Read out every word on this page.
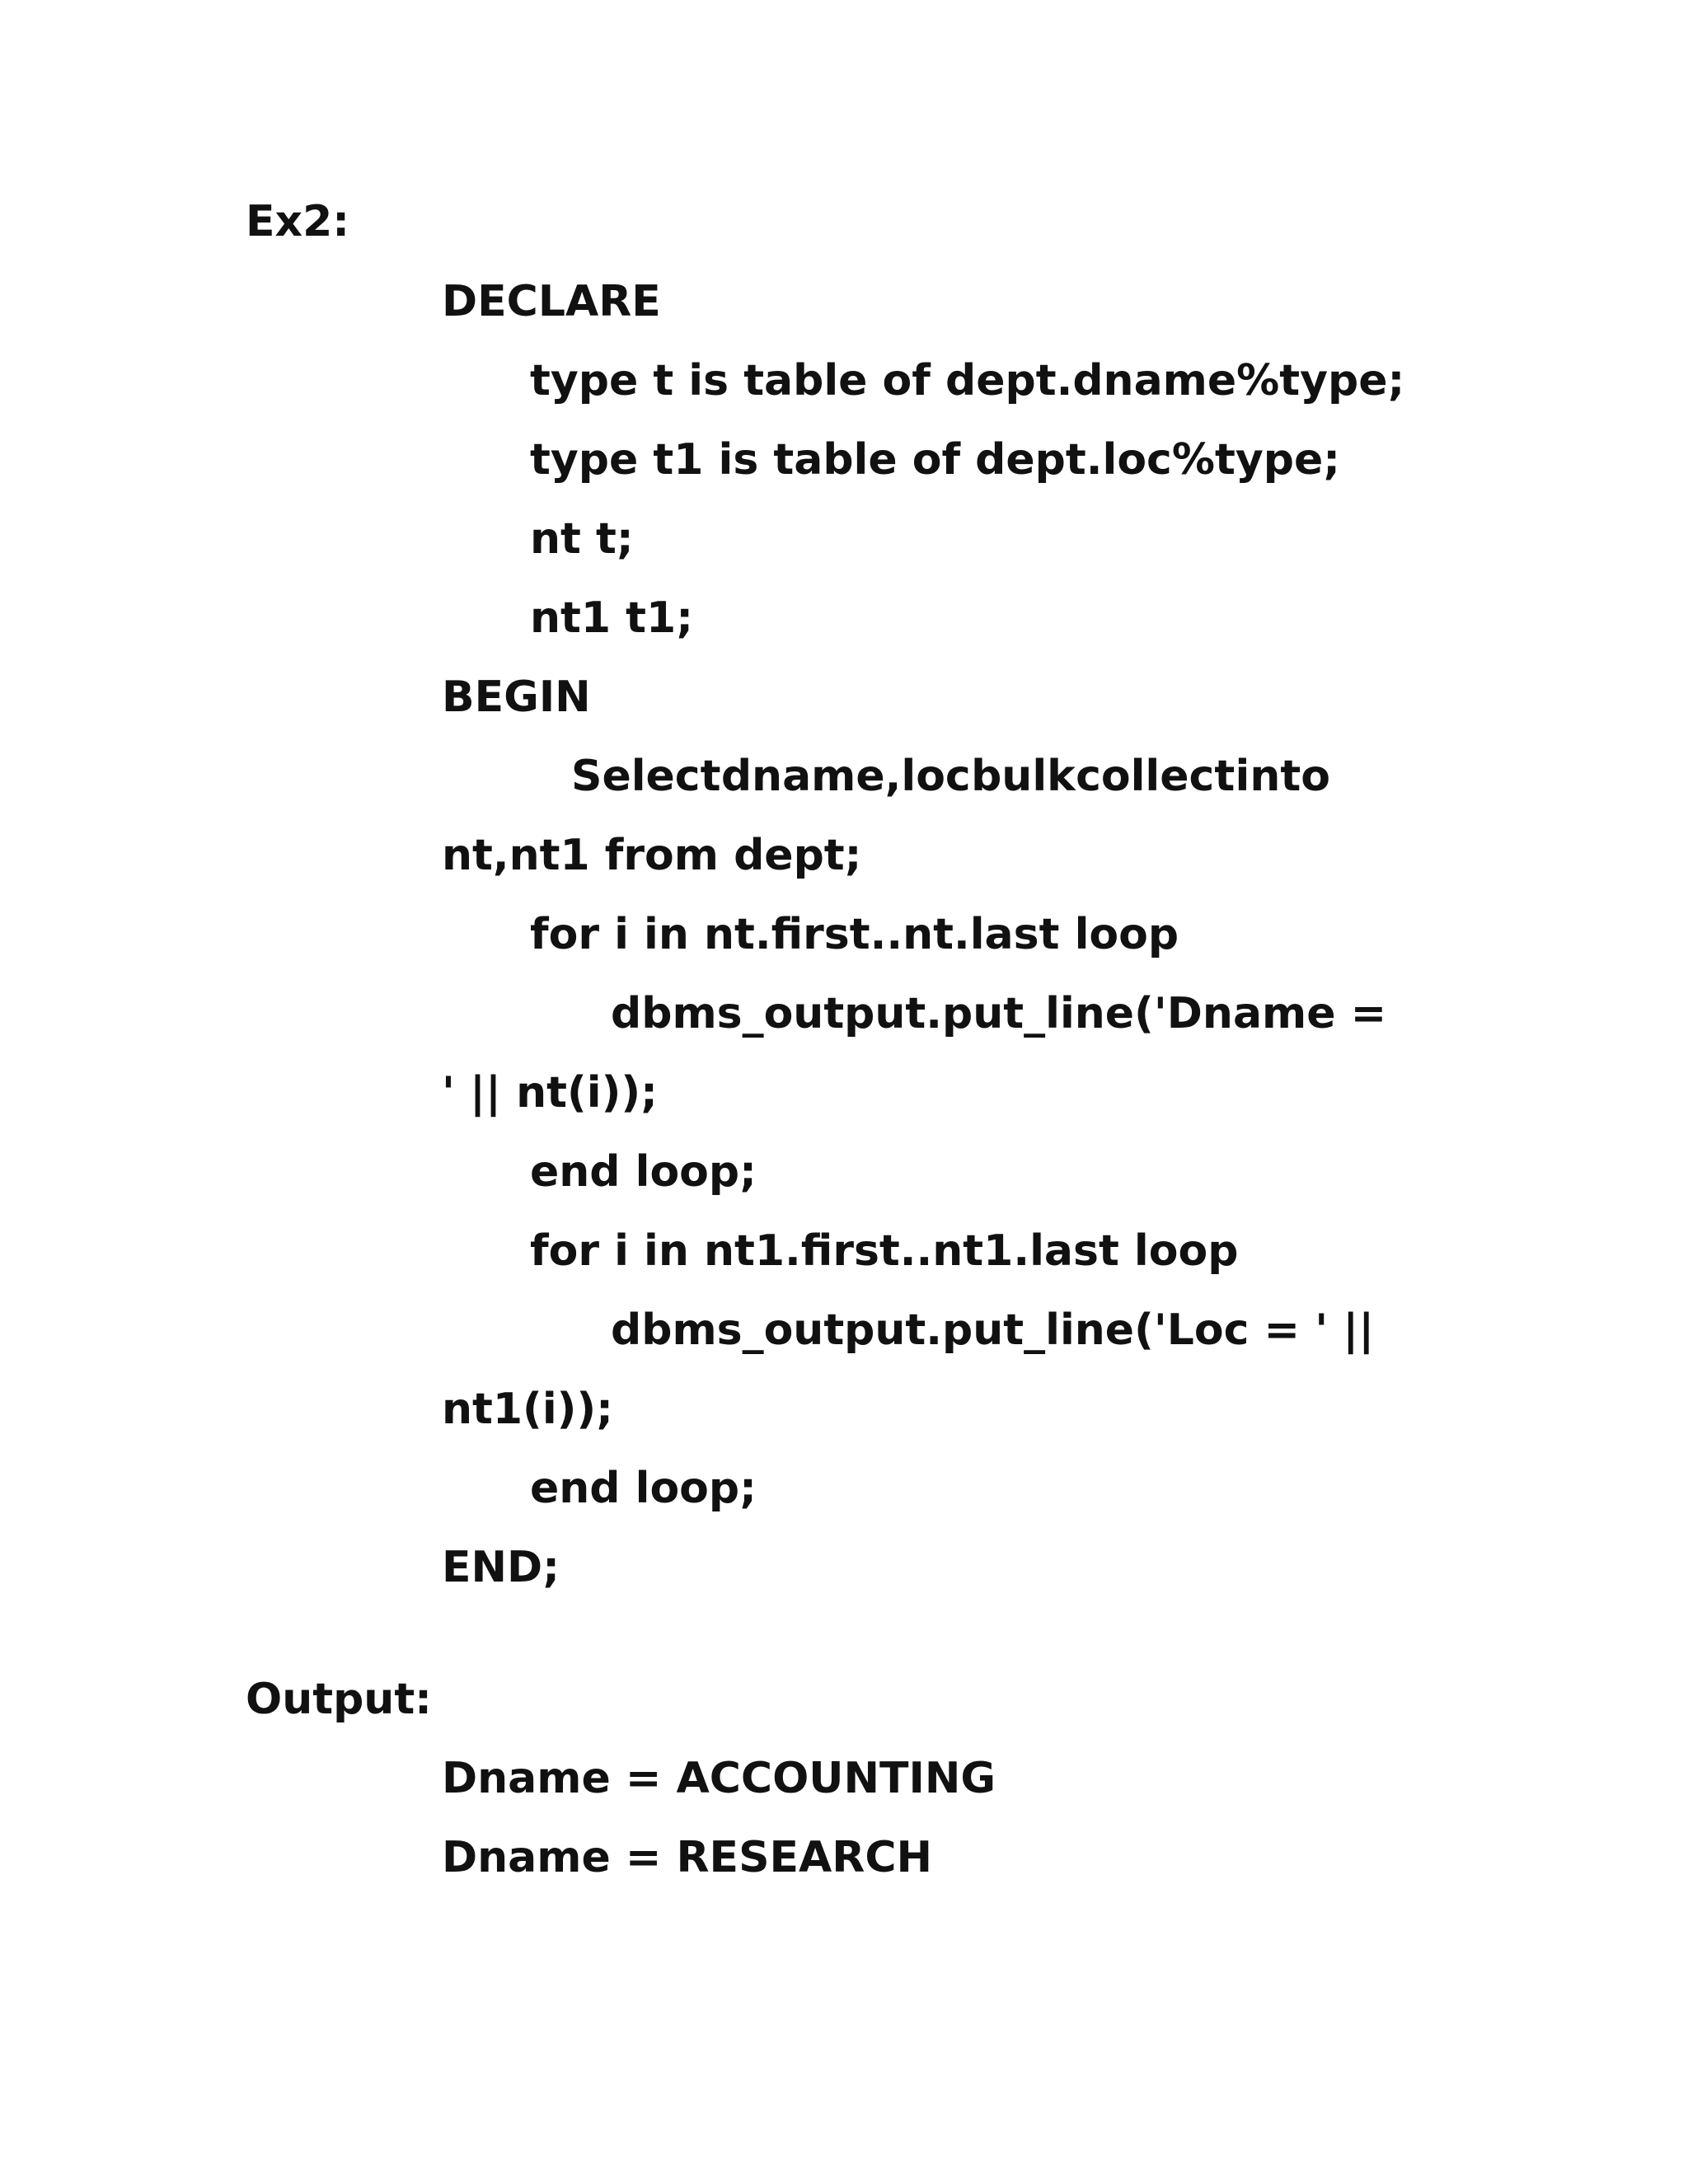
Ex2:
DECLARE
type t is table of dept.dname%type;
type t1 is table of dept.loc%type;
nt t;
nt1 t1;
BEGIN
Select dname,loc bulk collect into
nt,nt1 from dept;
for i in nt.first..nt.last loop
dbms_output.put_line('Dname =
' || nt(i));
end loop;
for i in nt1.first..nt1.last loop
dbms_output.put_line('Loc = ' ||
nt1(i));
end loop;
END;
Output:
Dname = ACCOUNTING
Dname = RESEARCH
